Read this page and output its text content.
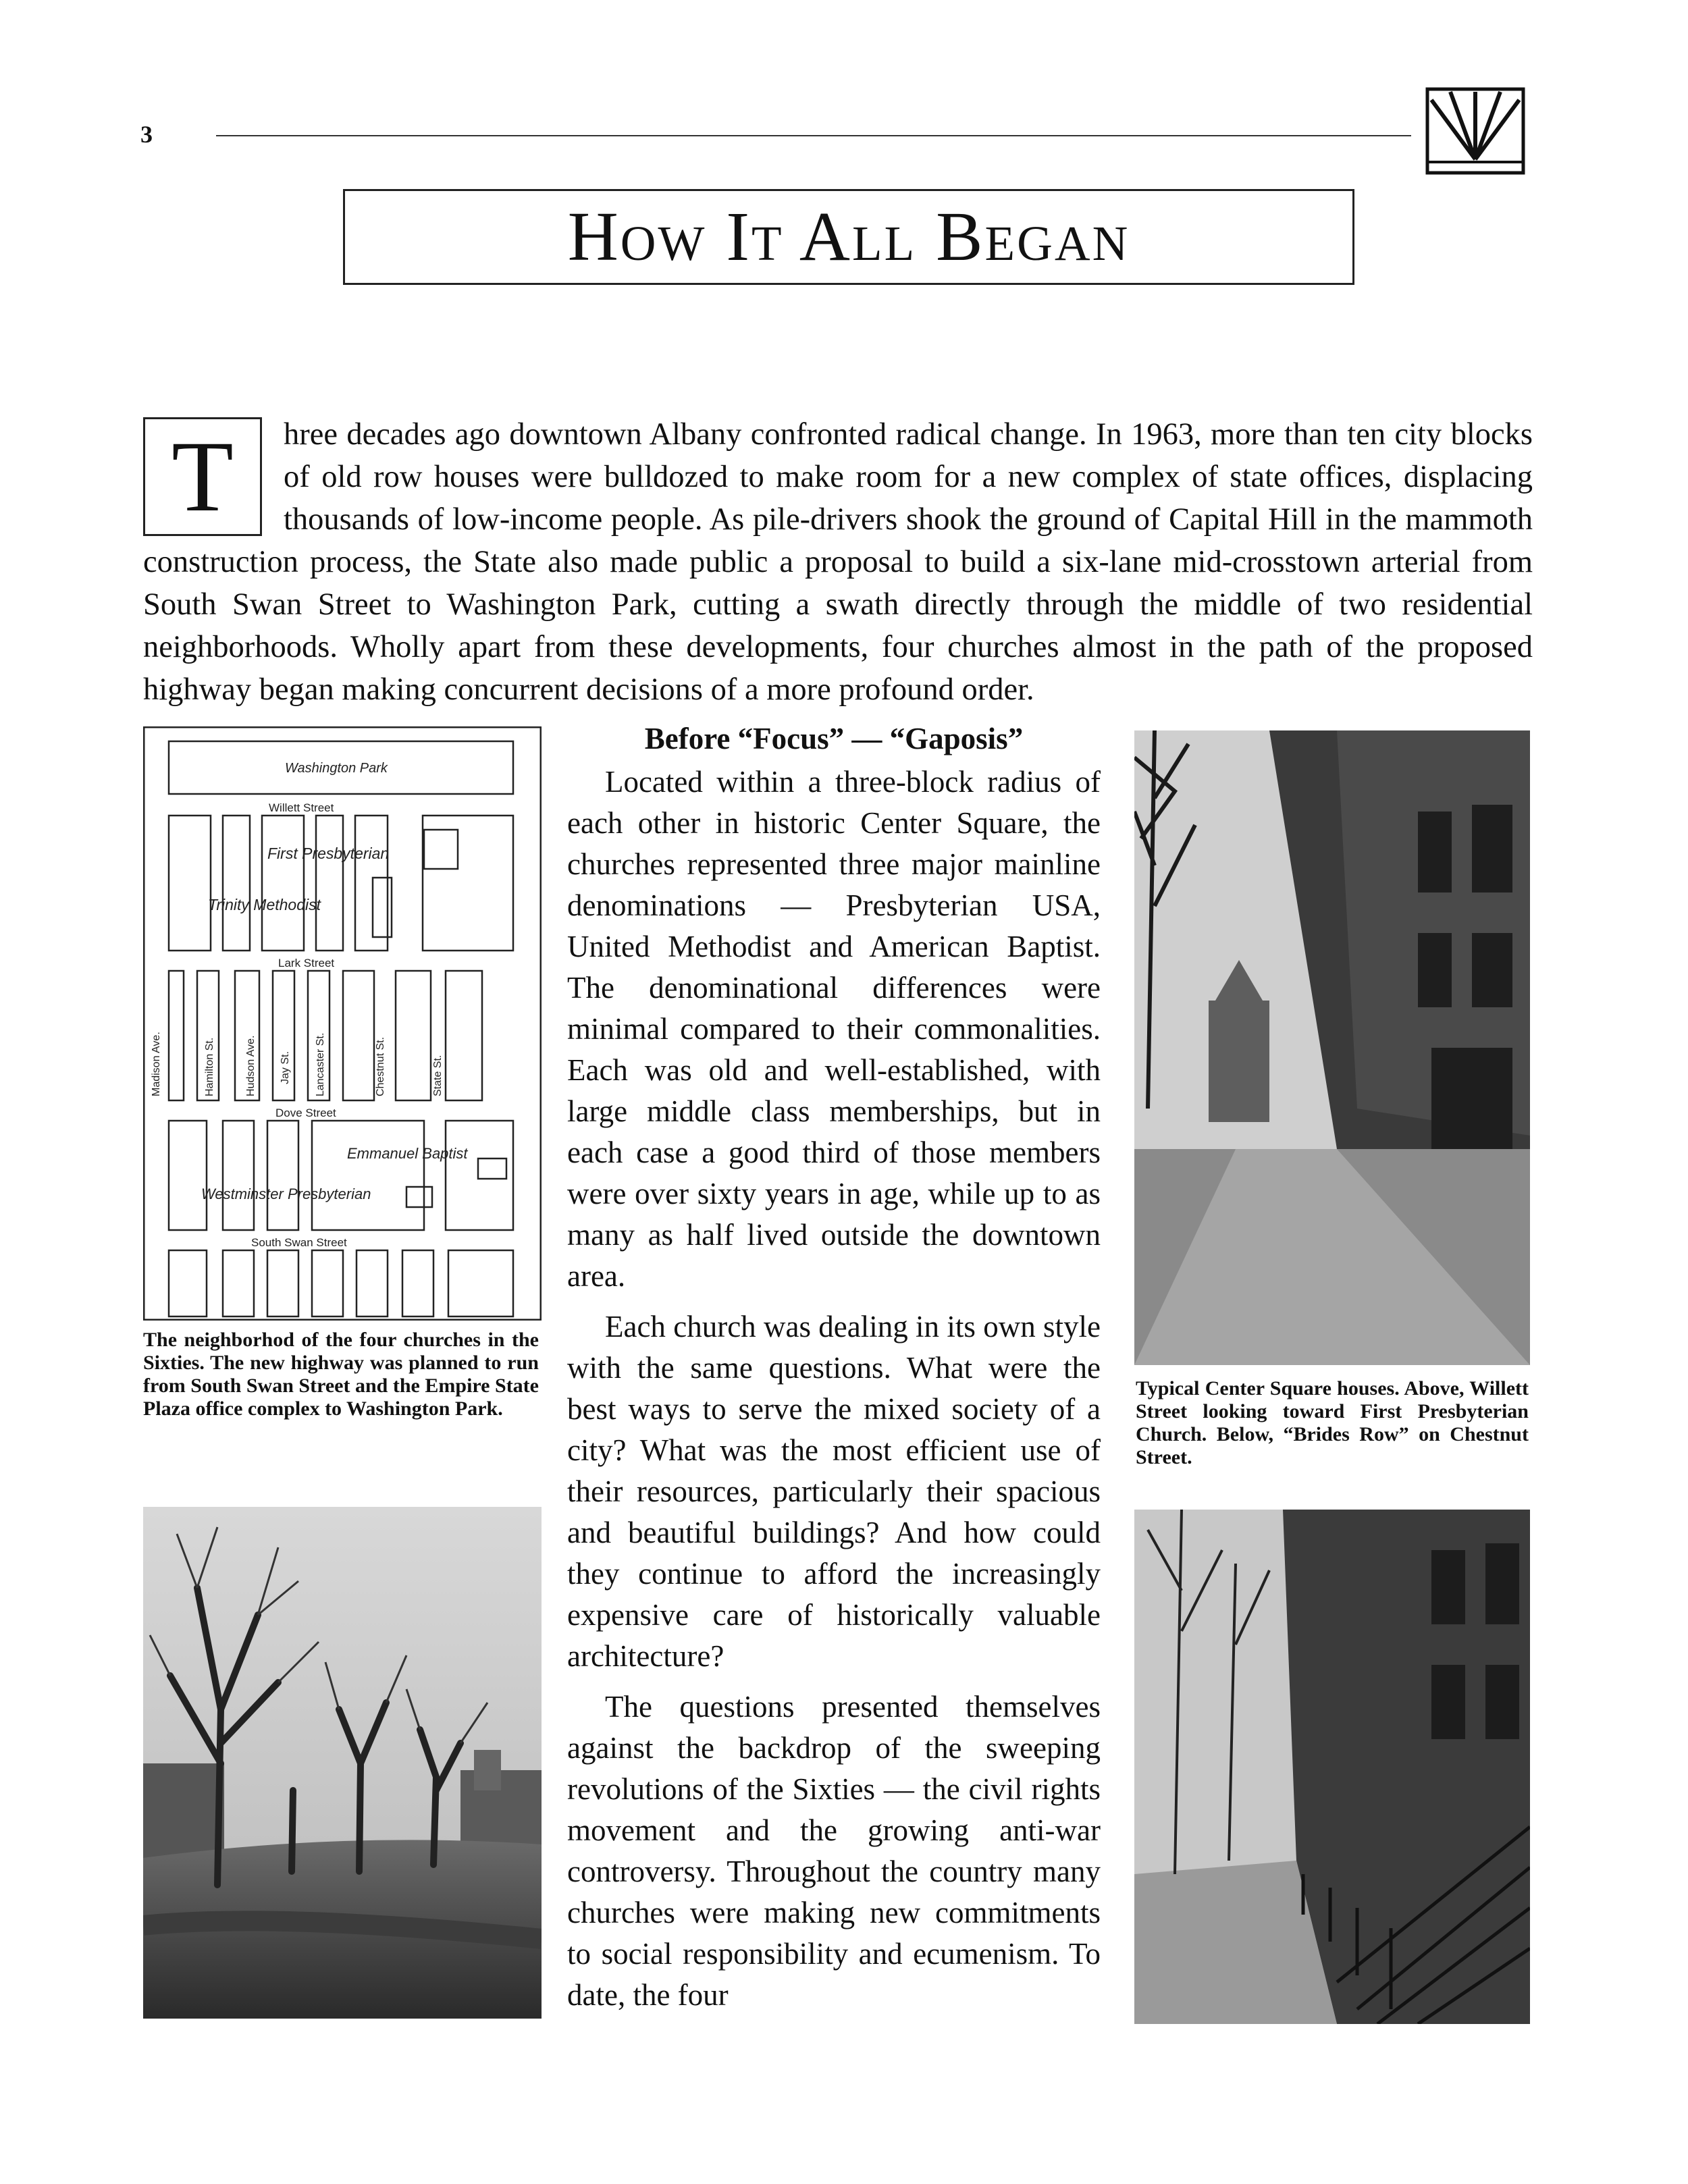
3
How It All Began
T	hree decades ago downtown Albany confronted radical change. In 1963, more than ten city blocks of old row houses were bulldozed to make room for a new complex of state offices, displacing thousands of low-income people. As pile-drivers shook the ground of Capital Hill in the mammoth construction process, the State also made public a proposal to build a six-lane mid-crosstown arterial from South Swan Street to Washington Park, cutting a swath directly through the middle of two residential neighborhoods. Wholly apart from these developments, four churches almost in the path of the proposed highway began making concurrent decisions of a more profound order.
Washington Park
Willett Street
Lark Street
Dove Street
South Swan Street
Madison Ave.	Hamilton St.	Hudson Ave. Jay St. Lancaster St.	Chestnut St.	State St.
First Presbyterian
Trinity Methodist
Emmanuel Baptist
Westminster Presbyterian
The neighborhod of the four churches in the Sixties. The new highway was planned to run from South Swan Street and the Empire State Plaza office complex to Washington Park.
Before “Focus” — “Gaposis”

Located within a three-block radius of each other in historic Center Square, the churches represented three major mainline denominations — Presbyterian USA, United Methodist and American Baptist. The denominational differences were minimal compared to their commonalities. Each was old and well-established, with large middle class memberships, but in each case a good third of those members were over sixty years in age, while up to as many as half lived outside the downtown area.

Each church was dealing in its own style with the same questions. What were the best ways to serve the mixed society of a city? What was the most efficient use of their resources, particularly their spacious and beautiful buildings? And how could they continue to afford the increasingly expensive care of historically valuable architecture?

The questions presented themselves against the backdrop of the sweeping revolutions of the Sixties — the civil rights movement and the growing anti-war controversy. Throughout the country many churches were making new commitments to social responsibility and ecumenism. To date, the four

Typical Center Square houses. Above, Willett Street looking toward First Presbyterian Church. Below, “Brides Row” on Chestnut Street.
